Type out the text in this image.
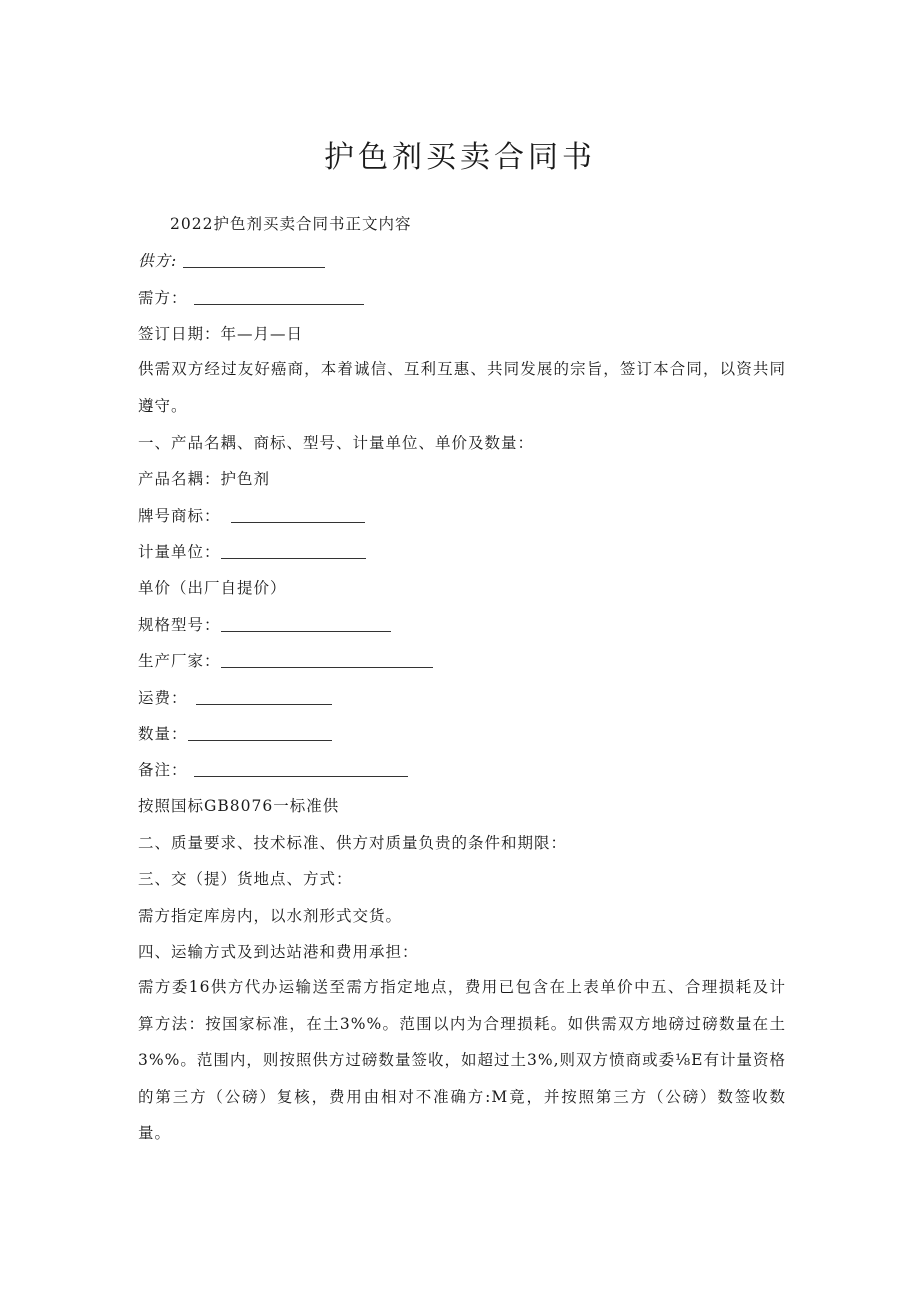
护色剂买卖合同书
2022护色剂买卖合同书正文内容
供方:
需方：
签订日期：年—月—日

供需双方经过友好癌商，本着诚信、互利互惠、共同发展的宗旨，签订本合同，以资共同遵守。

一、产品名耦、商标、型号、计量单位、单价及数量：
产品名耦：护色剂
牌号商标：
计量单位：
单价（出厂自提价）
规格型号：
生产厂家：
运费：
数量：
备注：
按照国标GB8076一标准供
二、质量要求、技术标准、供方对质量负贵的条件和期限：
三、交（提）货地点、方式：
需方指定库房内，以水剂形式交货。
四、运输方式及到达站港和费用承担：

需方委16供方代办运输送至需方指定地点，费用已包含在上表单价中五、合理损耗及计算方法：按国家标准，在土3%%。范围以内为合理损耗。如供需双方地磅过磅数量在土3%%。范围内，则按照供方过磅数量签收，如超过土3%,则双方愤商或委⅛E有计量资格的第三方（公磅）复核，费用由相对不准确方:M竟，并按照第三方（公磅）数签收数量。
